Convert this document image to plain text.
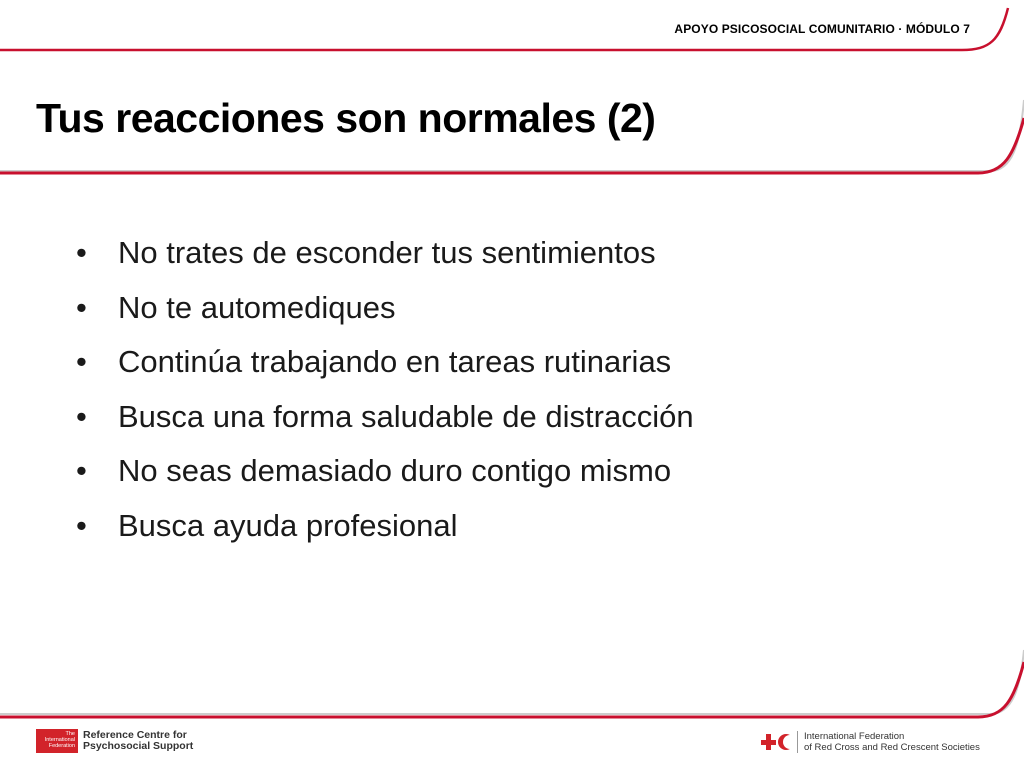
APOYO PSICOSOCIAL COMUNITARIO · MÓDULO 7
Tus reacciones son normales (2)
• No trates de esconder tus sentimientos
• No te automediques
• Continúa trabajando en tareas rutinarias
• Busca una forma saludable de distracción
• No seas demasiado duro contigo mismo
• Busca ayuda profesional
The
International
Federation
Reference Centre for
Psychosocial Support
International Federation
of Red Cross and Red Crescent Societies
